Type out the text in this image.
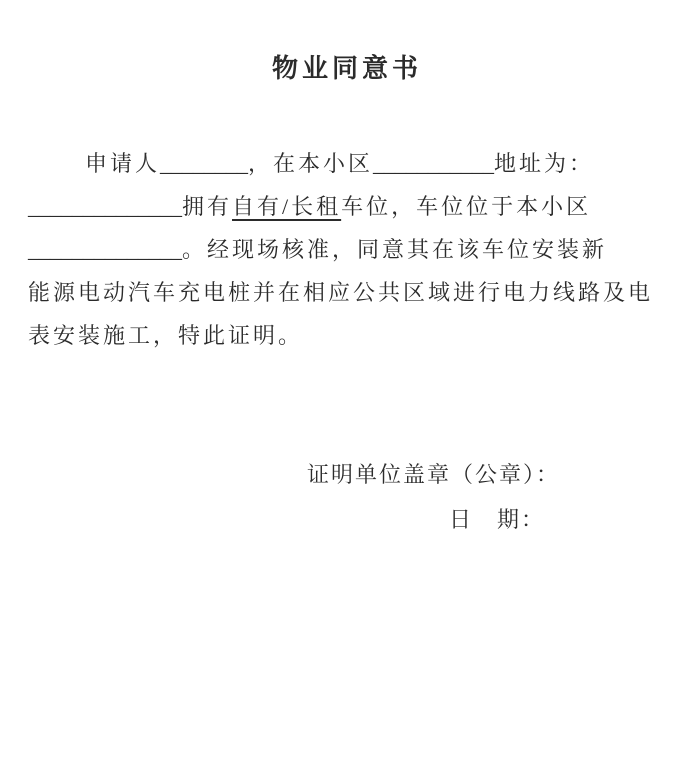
物业同意书

申请人________，在本小区___________地址为：

______________拥有自有/长租车位，车位位于本小区

______________。经现场核准，同意其在该车位安装新

能源电动汽车充电桩并在相应公共区域进行电力线路及电

表安装施工，特此证明。

证明单位盖章（公章）：

日　期：
